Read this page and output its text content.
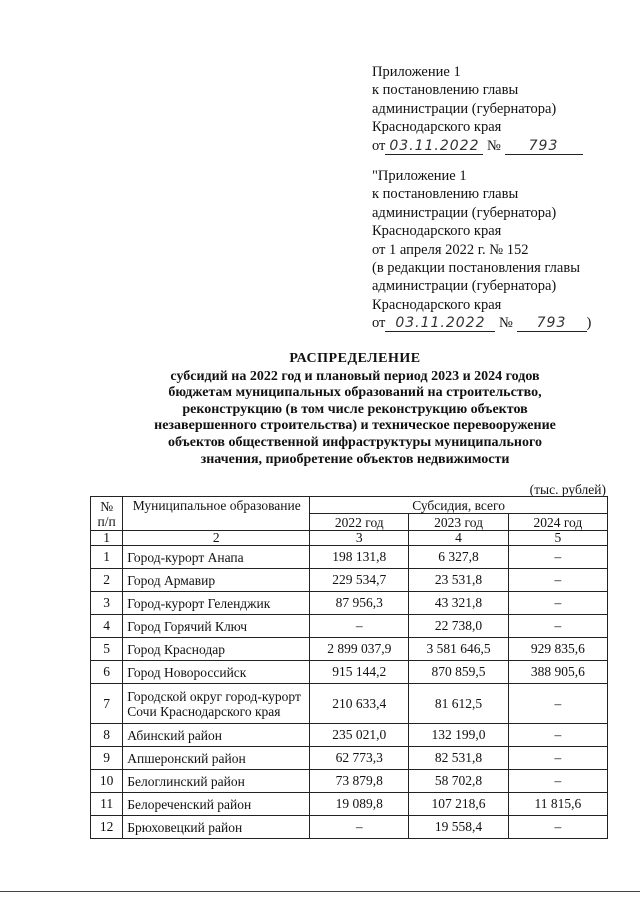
Приложение 1
к постановлению главы
администрации (губернатора)
Краснодарского края
от 03.11.2022 № 793
"Приложение 1
к постановлению главы
администрации (губернатора)
Краснодарского края
от 1 апреля 2022 г. № 152
(в редакции постановления главы
администрации (губернатора)
Краснодарского края
от 03.11.2022 № 793 )
РАСПРЕДЕЛЕНИЕ
субсидий на 2022 год и плановый период 2023 и 2024 годов
бюджетам муниципальных образований на строительство,
реконструкцию (в том числе реконструкцию объектов
незавершенного строительства) и техническое перевооружение
объектов общественной инфраструктуры муниципального
значения, приобретение объектов недвижимости
(тыс. рублей)
№ п/п	Муниципальное образование	Субсидия, всего		
		2022 год	2023 год	2024 год
1	2	3	4	5
1	Город-курорт Анапа	198 131,8	6 327,8	–
2	Город Армавир	229 534,7	23 531,8	–
3	Город-курорт Геленджик	87 956,3	43 321,8	–
4	Город Горячий Ключ	–	22 738,0	–
5	Город Краснодар	2 899 037,9	3 581 646,5	929 835,6
6	Город Новороссийск	915 144,2	870 859,5	388 905,6
7	Городской округ город-курорт Сочи Краснодарского края	210 633,4	81 612,5	–
8	Абинский район	235 021,0	132 199,0	–
9	Апшеронский район	62 773,3	82 531,8	–
10	Белоглинский район	73 879,8	58 702,8	–
11	Белореченский район	19 089,8	107 218,6	11 815,6
12	Брюховецкий район	–	19 558,4	–
